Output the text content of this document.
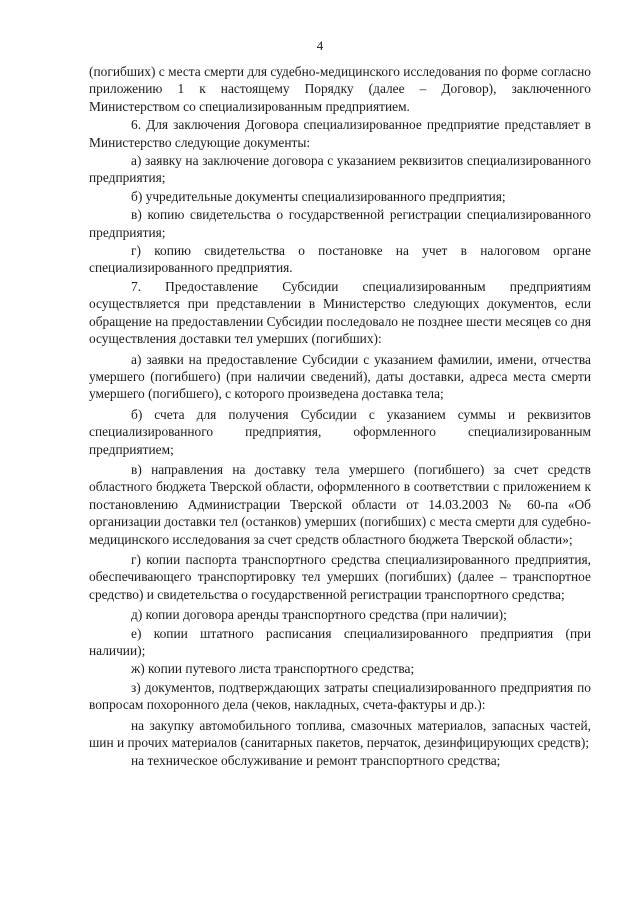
4

(погибших) с места смерти для судебно-медицинского исследования по форме согласно приложению 1 к настоящему Порядку (далее – Договор), заключенного Министерством со специализированным предприятием.

6. Для заключения Договора специализированное предприятие представляет в Министерство следующие документы:

а) заявку на заключение договора с указанием реквизитов специализированного предприятия;

б) учредительные документы специализированного предприятия;

в) копию свидетельства о государственной регистрации специализированного предприятия;

г) копию свидетельства о постановке на учет в налоговом органе специализированного предприятия.

7. Предоставление Субсидии специализированным предприятиям осуществляется при представлении в Министерство следующих документов, если обращение на предоставлении Субсидии последовало не позднее шести месяцев со дня осуществления доставки тел умерших (погибших):

а) заявки на предоставление Субсидии с указанием фамилии, имени, отчества умершего (погибшего) (при наличии сведений), даты доставки, адреса места смерти умершего (погибшего), с которого произведена доставка тела;

б) счета для получения Субсидии с указанием суммы и реквизитов специализированного предприятия, оформленного специализированным предприятием;

в) направления на доставку тела умершего (погибшего) за счет средств областного бюджета Тверской области, оформленного в соответствии с приложением к постановлению Администрации Тверской области от 14.03.2003 № 60-па «Об организации доставки тел (останков) умерших (погибших) с места смерти для судебно-медицинского исследования за счет средств областного бюджета Тверской области»;

г) копии паспорта транспортного средства специализированного предприятия, обеспечивающего транспортировку тел умерших (погибших) (далее – транспортное средство) и свидетельства о государственной регистрации транспортного средства;

д) копии договора аренды транспортного средства (при наличии);

е) копии штатного расписания специализированного предприятия (при наличии);

ж) копии путевого листа транспортного средства;

з) документов, подтверждающих затраты специализированного предприятия по вопросам похоронного дела (чеков, накладных, счета-фактуры и др.):

на закупку автомобильного топлива, смазочных материалов, запасных частей, шин и прочих материалов (санитарных пакетов, перчаток, дезинфицирующих средств);

на техническое обслуживание и ремонт транспортного средства;
